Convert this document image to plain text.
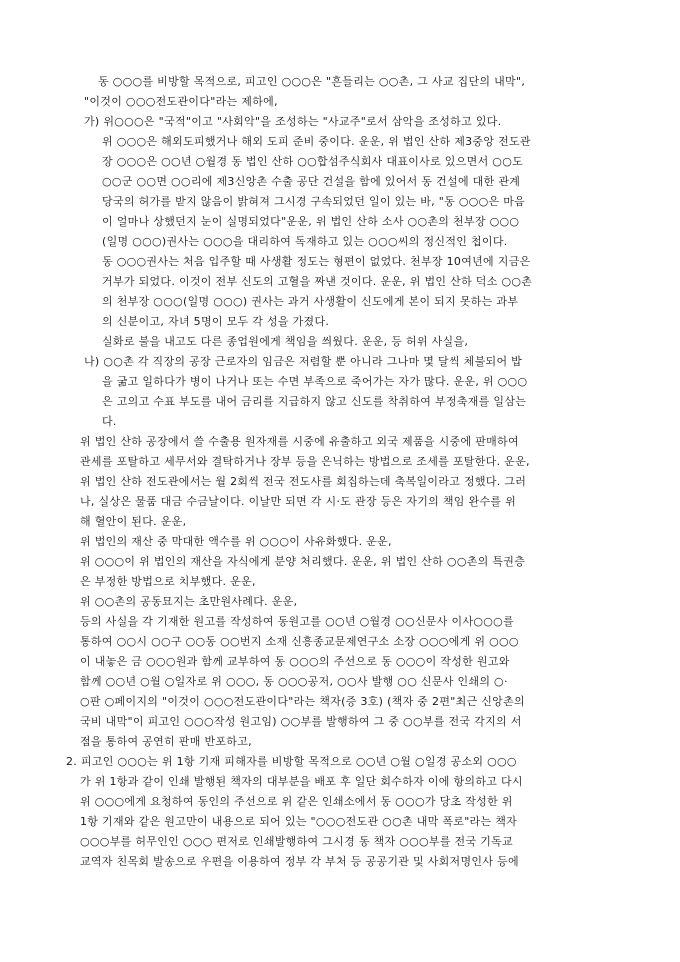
동 ○○○를 비방할 목적으로, 피고인 ○○○은 "흔들리는 ○○촌, 그 사교 집단의 내막",
"이것이 ○○○전도관이다"라는 제하에,
가) 위○○○은 "국적"이고 "사회악"을 조성하는 "사교주"로서 삼악을 조성하고 있다.
위 ○○○은 해외도피했거나 해외 도피 준비 중이다. 운운, 위 법인 산하 제3중앙 전도관
장 ○○○은 ○○년 ○월경 동 법인 산하 ○○합섬주식회사 대표이사로 있으면서 ○○도
○○군 ○○면 ○○리에 제3신앙촌 수출 공단 건설을 함에 있어서 동 건설에 대한 관계
당국의 허가를 받지 않음이 밝혀져 그시경 구속되었던 일이 있는 바, "동 ○○○은 마음
이 얼마나 상했던지 눈이 실명되었다"운운, 위 법인 산하 소사 ○○촌의 천부장 ○○○
(일명 ○○○)권사는 ○○○을 대리하여 독재하고 있는 ○○○씨의 정신적인 첩이다.
동 ○○○권사는 처음 입주할 때 사생활 정도는 형편이 없었다. 천부장 10여년에 지금은
거부가 되었다. 이것이 전부 신도의 고혈을 짜낸 것이다. 운운, 위 법인 산하 덕소 ○○촌
의 천부장 ○○○(일명 ○○○) 권사는 과거 사생활이 신도에게 본이 되지 못하는 과부
의 신분이고, 자녀 5명이 모두 각 성을 가졌다.
실화로 불을 내고도 다른 종업원에게 책임을 씌웠다. 운운, 등 허위 사실을,
나) ○○촌 각 직장의 공장 근로자의 임금은 저렴할 뿐 아니라 그나마 몇 달씩 체불되어 밥
을 굶고 일하다가 병이 나거나 또는 수면 부족으로 죽어가는 자가 많다. 운운, 위 ○○○
은 고의고 수표 부도를 내어 금리를 지급하지 않고 신도를 착취하여 부정축재를 일삼는
다.
위 법인 산하 공장에서 쓸 수출용 원자재를 시중에 유출하고 외국 제품을 시중에 판매하여
관세를 포탈하고 세무서와 결탁하거나 장부 등을 은닉하는 방법으로 조세를 포탈한다. 운운,
위 법인 산하 전도관에서는 월 2회씩 전국 전도사를 회집하는데 축복일이라고 정했다. 그러
나, 실상은 물품 대금 수금날이다. 이날만 되면 각 시·도 관장 등은 자기의 책임 완수를 위
해 혈안이 된다. 운운,
위 법인의 재산 중 막대한 액수를 위 ○○○이 사유화했다. 운운,
위 ○○○이 위 법인의 재산을 자식에게 분양 처리했다. 운운, 위 법인 산하 ○○촌의 특권층
은 부정한 방법으로 치부했다. 운운,
위 ○○촌의 공동묘지는 초만원사례다. 운운,
등의 사실을 각 기재한 원고를 작성하여 동원고를 ○○년 ○월경 ○○신문사 이사○○○를
통하여 ○○시 ○○구 ○○동 ○○번지 소재 신흥종교문제연구소 소장 ○○○에게 위 ○○○
이 내놓은 금 ○○○원과 함께 교부하여 동 ○○○의 주선으로 동 ○○○이 작성한 원고와
함께 ○○년 ○월 ○일자로 위 ○○○, 동 ○○○공저, ○○사 발행 ○○ 신문사 인쇄의 ○·
○판 ○페이지의 "이것이 ○○○전도관이다"라는 책자(증 3호) (책자 중 2편"최근 신앙촌의
국비 내막"이 피고인 ○○○작성 원고임) ○○부를 발행하여 그 중 ○○부를 전국 각지의 서
점을 통하여 공연히 판매 반포하고,
2. 피고인 ○○○는 위 1항 기재 피해자를 비방할 목적으로 ○○년 ○월 ○일경 공소외 ○○○
가 위 1항과 같이 인쇄 발행된 책자의 대부분을 배포 후 일단 회수하자 이에 항의하고 다시
위 ○○○에게 요청하여 동인의 주선으로 위 같은 인쇄소에서 동 ○○○가 당초 작성한 위
1항 기재와 같은 원고만이 내용으로 되어 있는 "○○○전도관 ○○촌 내막 폭로"라는 책자
○○○부를 허무인인 ○○○ 편저로 인쇄발행하여 그시경 동 책자 ○○○부를 전국 기독교
교역자 친목회 발송으로 우편을 이용하여 정부 각 부처 등 공공기관 및 사회저명인사 등에
